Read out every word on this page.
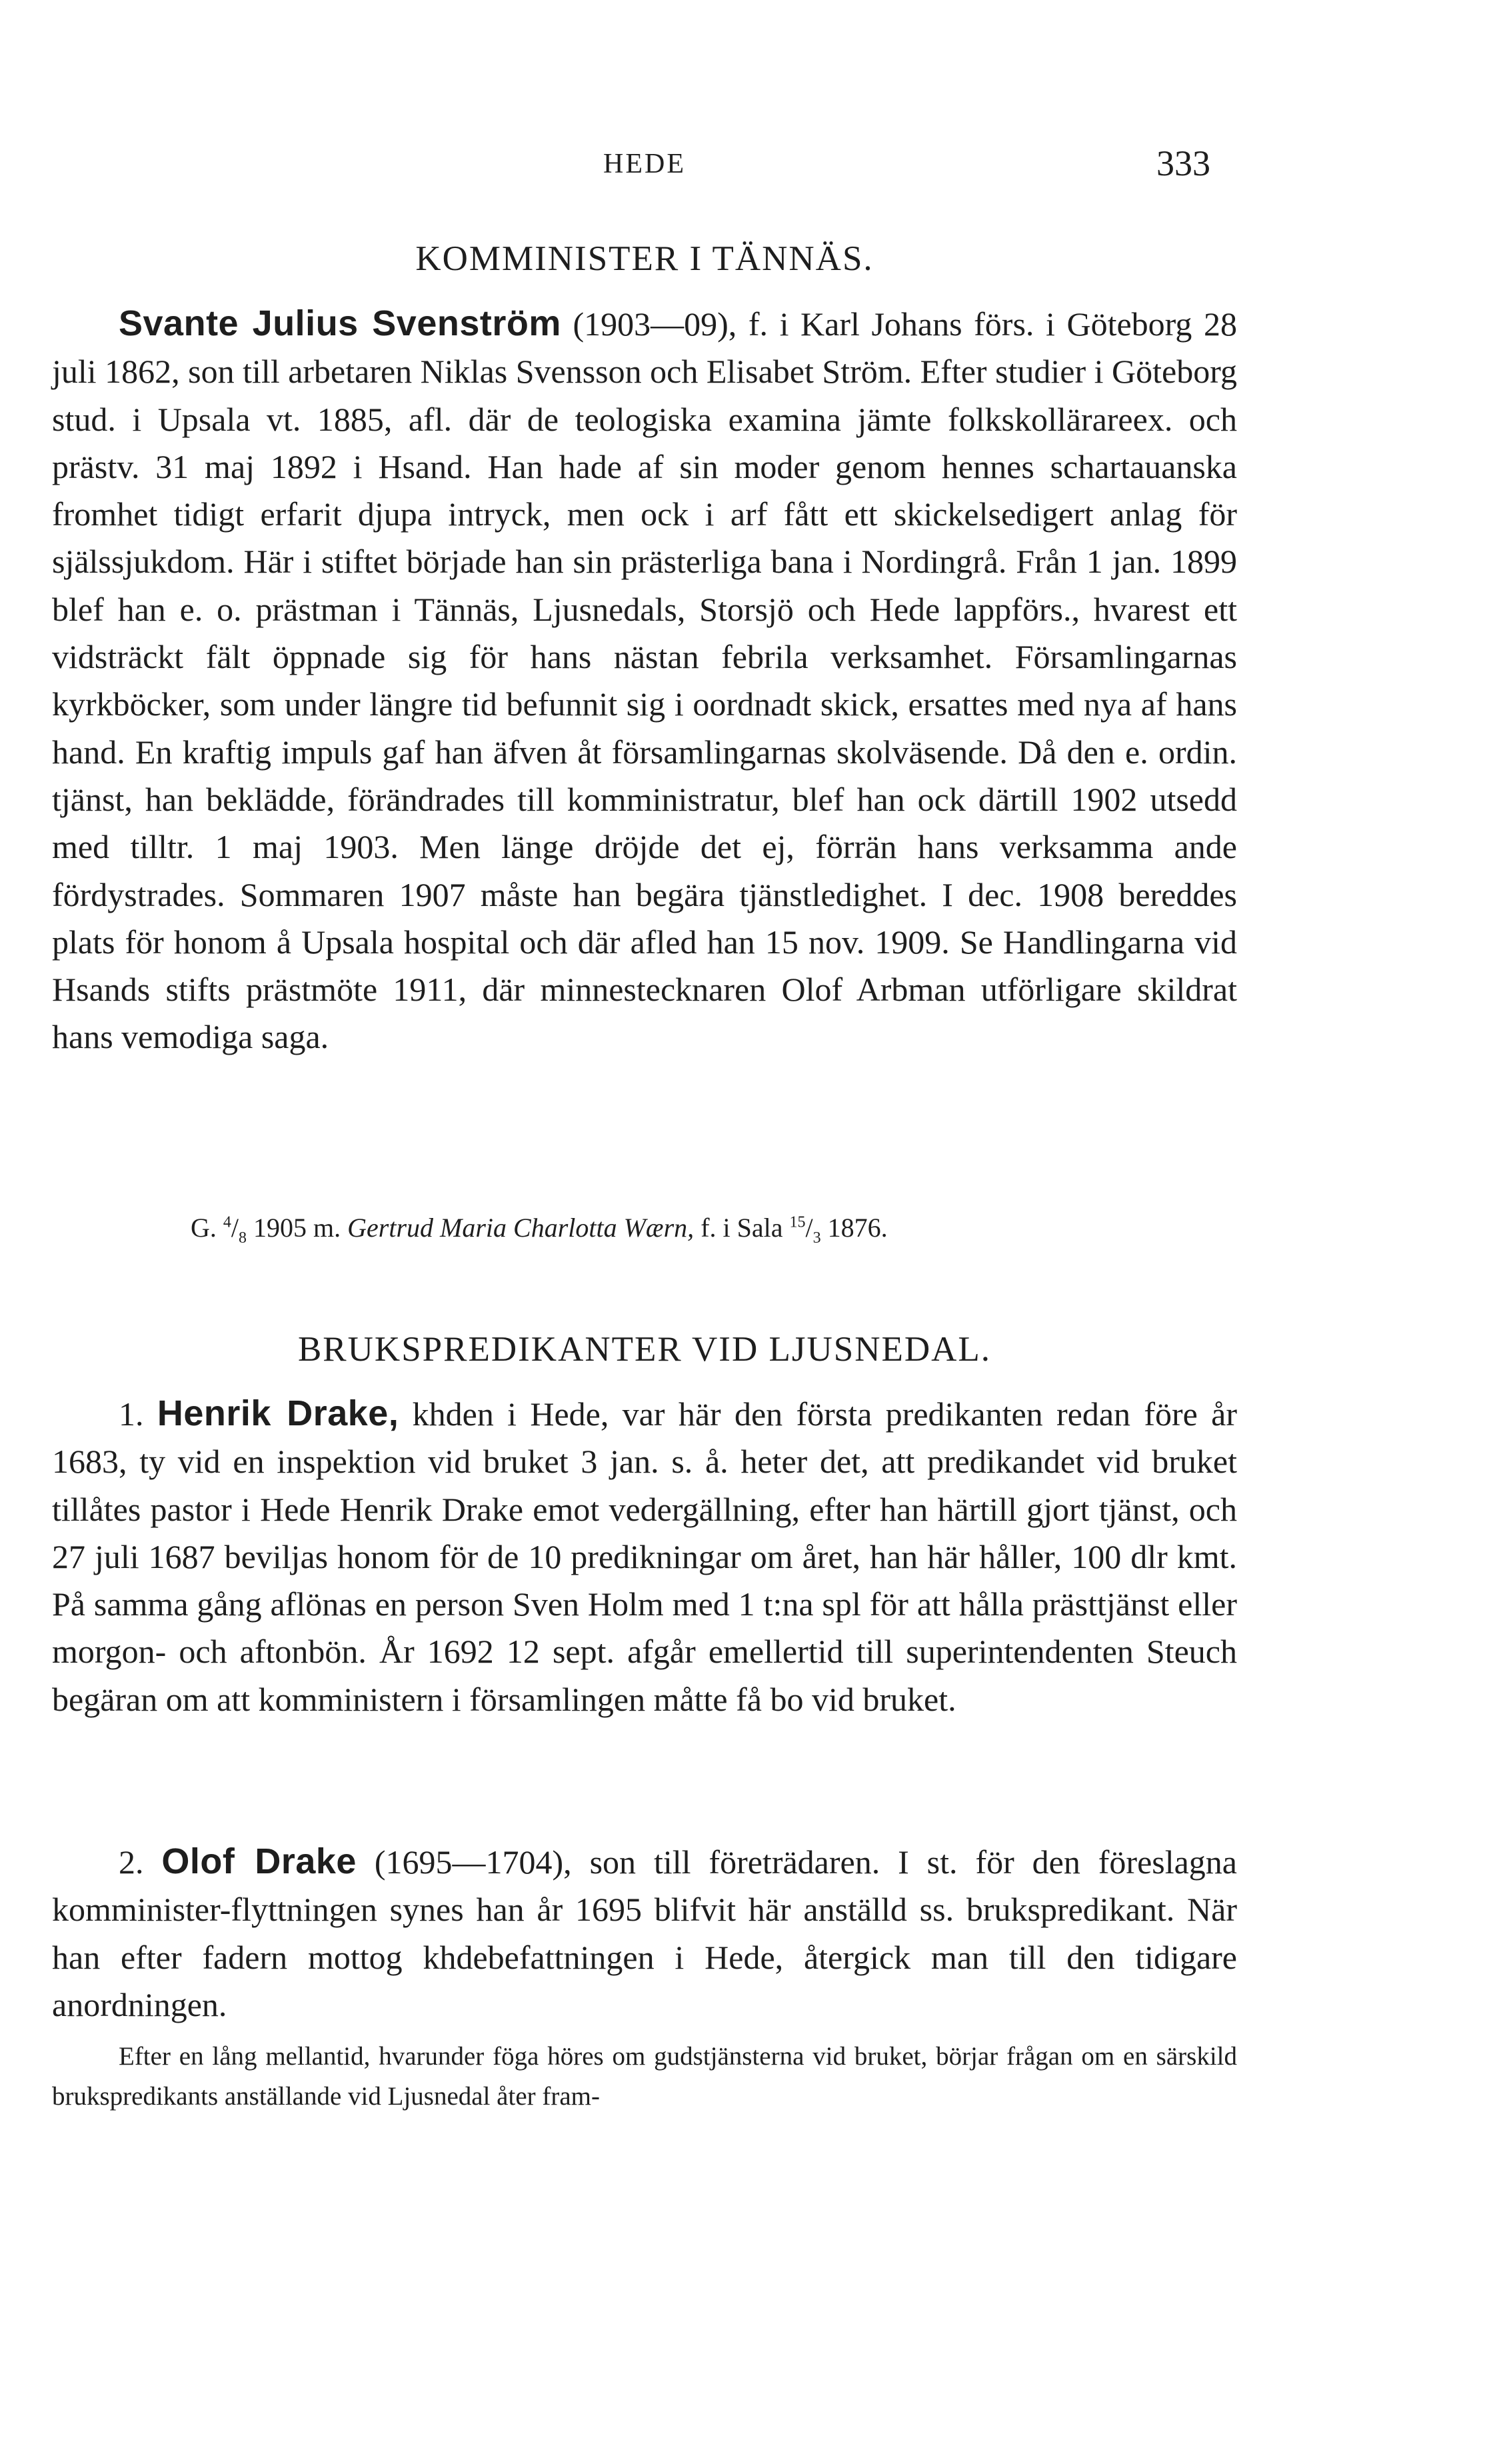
HEDE	333
KOMMINISTER I TÄNNÄS.

Svante Julius Svenström (1903—09), f. i Karl Johans förs. i Göteborg 28 juli 1862, son till arbetaren Niklas Svensson och Elisabet Ström. Efter studier i Göteborg stud. i Upsala vt. 1885, afl. där de teologiska examina jämte folkskollärareex. och prästv. 31 maj 1892 i Hsand. Han hade af sin moder genom hennes schartauanska fromhet tidigt erfarit djupa intryck, men ock i arf fått ett skickelsedigert anlag för själssjukdom. Här i stiftet började han sin prästerliga bana i Nordingrå. Från 1 jan. 1899 blef han e. o. prästman i Tännäs, Ljusnedals, Storsjö och Hede lappförs., hvarest ett vidsträckt fält öppnade sig för hans nästan febrila verksamhet. Församlingarnas kyrkböcker, som under längre tid befunnit sig i oordnadt skick, ersattes med nya af hans hand. En kraftig impuls gaf han äfven åt församlingarnas skolväsende. Då den e. ordin. tjänst, han beklädde, förändrades till komministratur, blef han ock därtill 1902 utsedd med tilltr. 1 maj 1903. Men länge dröjde det ej, förrän hans verksamma ande fördystrades. Sommaren 1907 måste han begära tjänstledighet. I dec. 1908 bereddes plats för honom å Upsala hospital och där afled han 15 nov. 1909. Se Handlingarna vid Hsands stifts prästmöte 1911, där minnestecknaren Olof Arbman utförligare skildrat hans vemodiga saga.

G. $^4/_8$ 1905 m. Gertrud Maria Charlotta Wærn, f. i Sala $^{15}/_3$ 1876.

BRUKSPREDIKANTER VID LJUSNEDAL.

1. Henrik Drake, khden i Hede, var här den första predikanten redan före år 1683, ty vid en inspektion vid bruket 3 jan. s. å. heter det, att predikandet vid bruket tillåtes pastor i Hede Henrik Drake emot vedergällning, efter han härtill gjort tjänst, och 27 juli 1687 beviljas honom för de 10 predikningar om året, han här håller, 100 dlr kmt. På samma gång aflönas en person Sven Holm med 1 t:na spl för att hålla prästtjänst eller morgon- och aftonbön. År 1692 12 sept. afgår emellertid till superintendenten Steuch begäran om att komministern i församlingen måtte få bo vid bruket.

2. Olof Drake (1695—1704), son till företrädaren. I st. för den föreslagna komminister-flyttningen synes han år 1695 blifvit här anställd ss. brukspredikant. När han efter fadern mottog khdebefattningen i Hede, återgick man till den tidigare anordningen.

Efter en lång mellantid, hvarunder föga höres om gudstjänsterna vid bruket, börjar frågan om en särskild brukspredikants anställande vid Ljusnedal åter fram-
